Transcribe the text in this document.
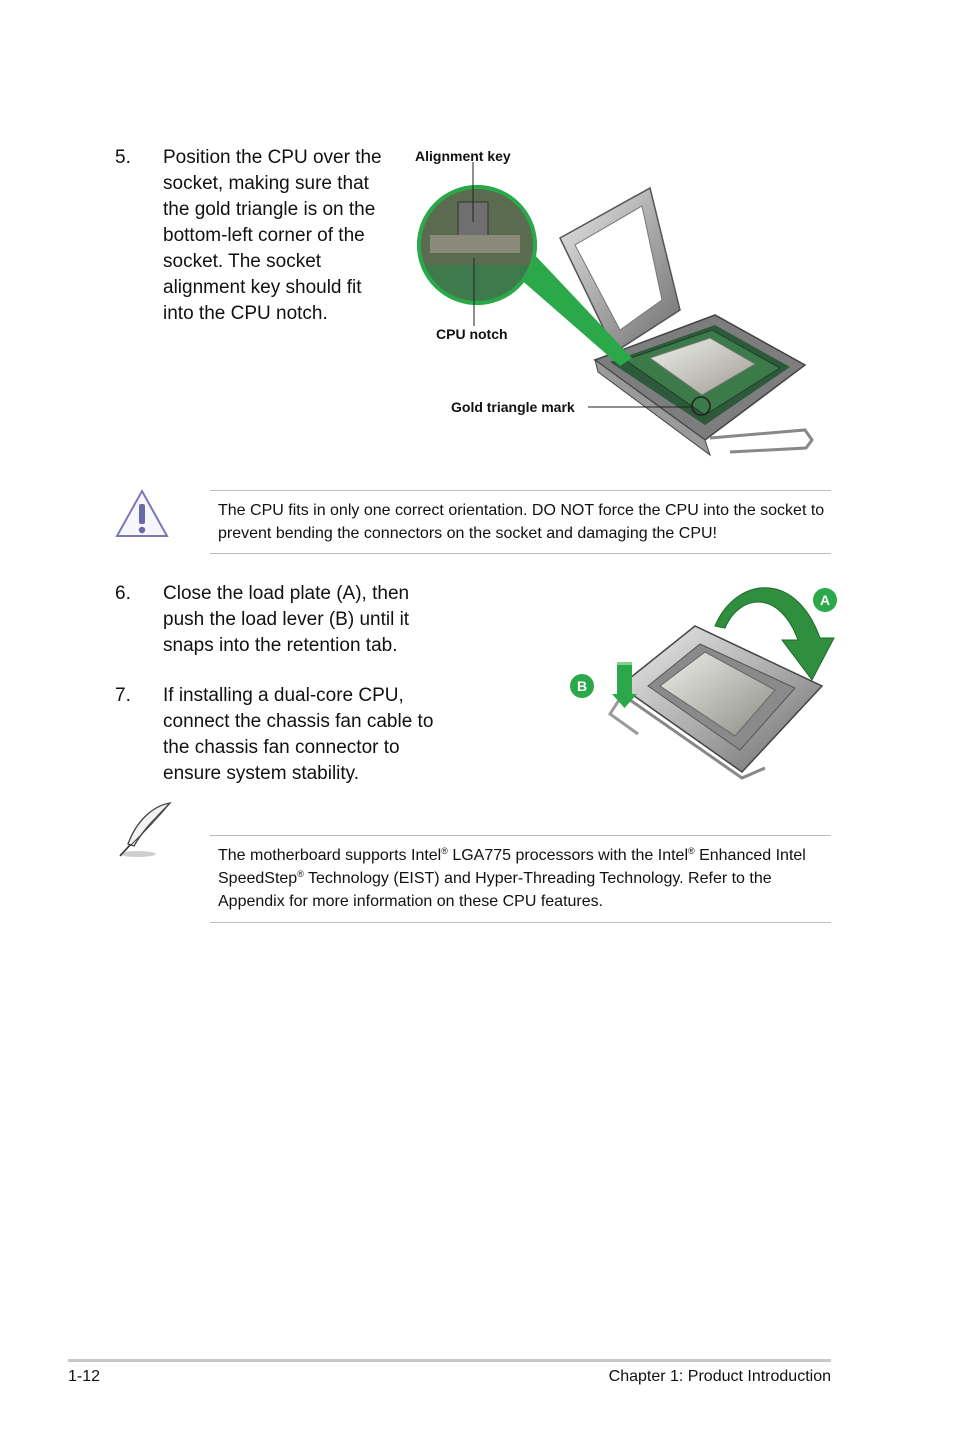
5. Position the CPU over the socket, making sure that the gold triangle is on the bottom-left corner of the socket. The socket alignment key should fit into the CPU notch.
Alignment key
CPU notch
Gold triangle mark
The CPU fits in only one correct orientation. DO NOT force the CPU into the socket to prevent bending the connectors on the socket and damaging the CPU!
6. Close the load plate (A), then push the load lever (B) until it snaps into the retention tab.
7. If installing a dual-core CPU, connect the chassis fan cable to the chassis fan connector to ensure system stability.
A
B
The motherboard supports Intel® LGA775 processors with the Intel® Enhanced Intel SpeedStep® Technology (EIST) and Hyper-Threading Technology. Refer to the Appendix for more information on these CPU features.
1-12	Chapter 1: Product Introduction
